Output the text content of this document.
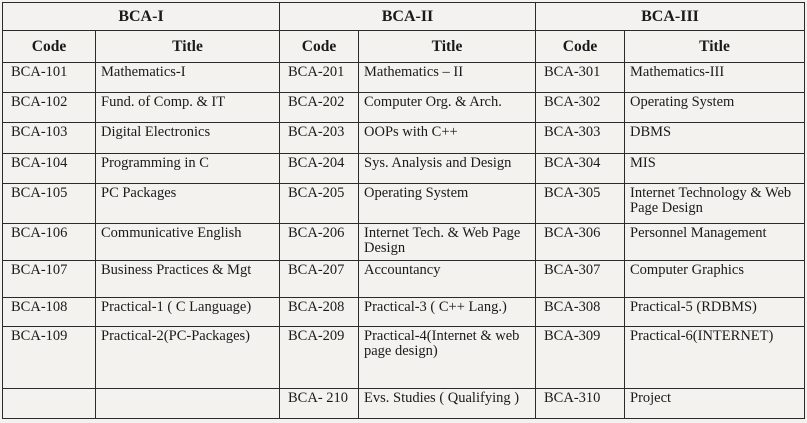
BCA-I		BCA-II		BCA-III	
Code	Title	Code	Title	Code	Title
BCA-101	Mathematics-I	BCA-201	Mathematics – II	BCA-301	Mathematics-III
BCA-102	Fund. of Comp. & IT	BCA-202	Computer Org. & Arch.	BCA-302	Operating System
BCA-103	Digital Electronics	BCA-203	OOPs with C++	BCA-303	DBMS
BCA-104	Programming in C	BCA-204	Sys. Analysis and Design	BCA-304	MIS
BCA-105	PC Packages	BCA-205	Operating System	BCA-305	Internet Technology & Web Page Design
BCA-106	Communicative English	BCA-206	Internet Tech. & Web Page Design	BCA-306	Personnel Management
BCA-107	Business Practices & Mgt	BCA-207	Accountancy	BCA-307	Computer Graphics
BCA-108	Practical-1 ( C Language)	BCA-208	Practical-3 ( C++ Lang.)	BCA-308	Practical-5 (RDBMS)
BCA-109	Practical-2(PC-Packages)	BCA-209	Practical-4(Internet & web page design)	BCA-309	Practical-6(INTERNET)
		BCA- 210	Evs. Studies ( Qualifying )	BCA-310	Project
